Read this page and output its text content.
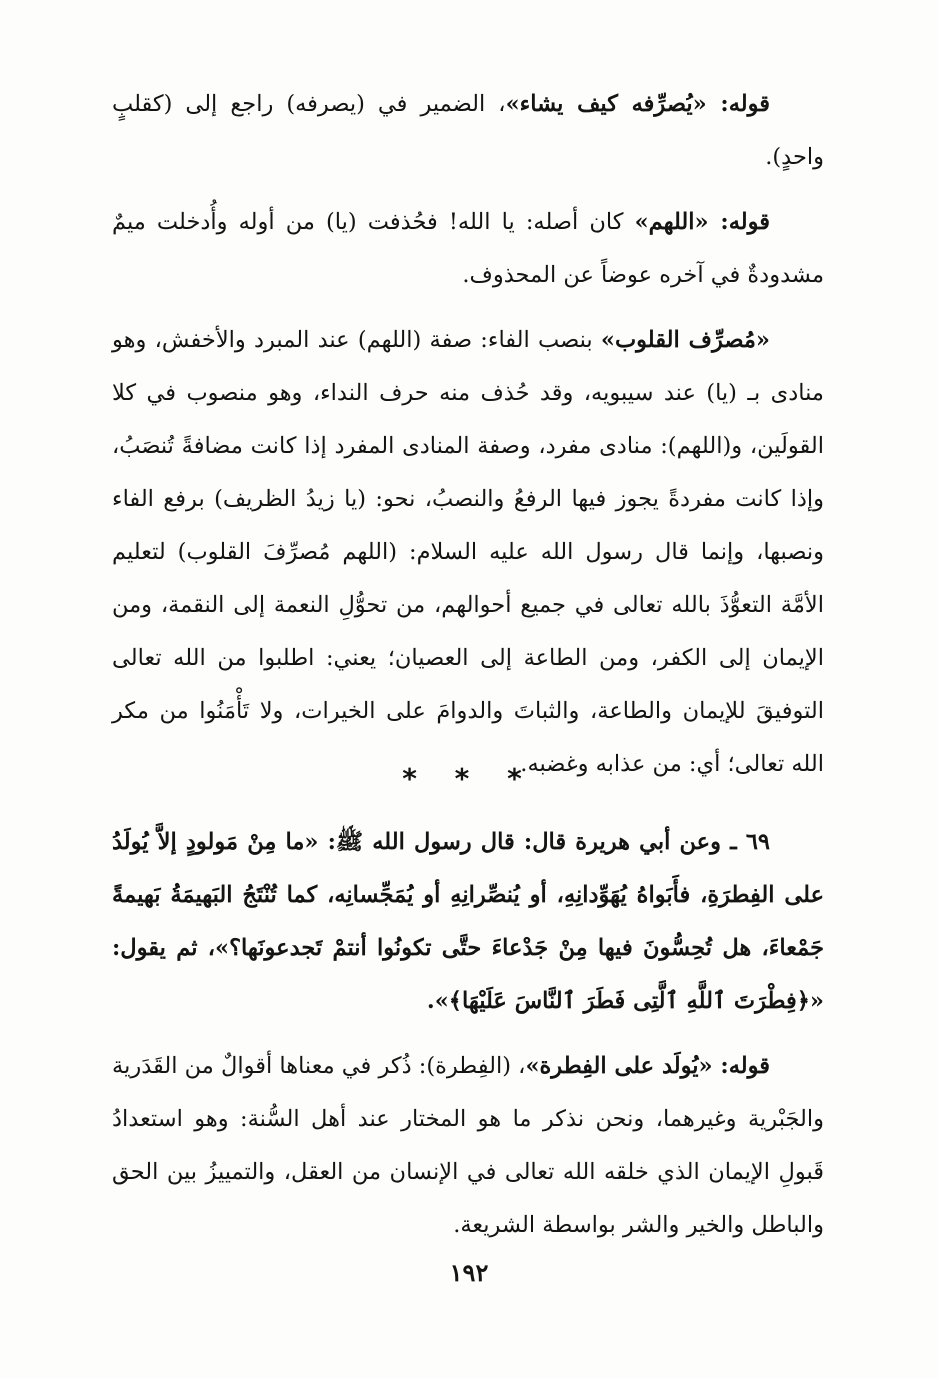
قوله: «يُصرِّفه كيف يشاء»، الضمير في (يصرفه) راجع إلى (كقلبٍ واحدٍ).

قوله: «اللهم» كان أصله: يا الله! فحُذفت (يا) من أوله وأُدخلت ميمٌ مشدودةٌ في آخره عوضاً عن المحذوف.

«مُصرِّف القلوب» بنصب الفاء: صفة (اللهم) عند المبرد والأخفش، وهو منادى بـ (يا) عند سيبويه، وقد حُذف منه حرف النداء، وهو منصوب في كلا القولَين، و(اللهم): منادى مفرد، وصفة المنادى المفرد إذا كانت مضافةً تُنصَبُ، وإذا كانت مفردةً يجوز فيها الرفعُ والنصبُ، نحو: (يا زيدُ الظريف) برفع الفاء ونصبها، وإنما قال رسول الله عليه السلام: (اللهم مُصرِّفَ القلوب) لتعليم الأمَّة التعوُّذَ بالله تعالى في جميع أحوالهم، من تحوُّلِ النعمة إلى النقمة، ومن الإيمان إلى الكفر، ومن الطاعة إلى العصيان؛ يعني: اطلبوا من الله تعالى التوفيقَ للإيمان والطاعة، والثباتَ والدوامَ على الخيرات، ولا تَأْمَنُوا من مكر الله تعالى؛ أي: من عذابه وغضبه.

* * *

٦٩ ـ وعن أبي هريرة قال: قال رسول الله ﷺ: «ما مِنْ مَولودٍ إلاَّ يُولَدُ على الفِطرَةِ، فأَبَواهُ يُهَوِّدانِهِ، أو يُنصِّرانِهِ أو يُمَجِّسانِه، كما تُنْتَجُ البَهيمَةُ بَهيمةً جَمْعاءَ، هل تُحِسُّونَ فيها مِنْ جَدْعاءَ حتَّى تكونُوا أنتمْ تَجدعونَها؟»، ثم يقول: «﴿فِطْرَتَ ٱللَّهِ ٱلَّتِى فَطَرَ ٱلنَّاسَ عَلَيْهَا﴾».

قوله: «يُولَد على الفِطرة»، (الفِطرة): ذُكر في معناها أقوالٌ من القَدَرية والجَبْرية وغيرهما، ونحن نذكر ما هو المختار عند أهل السُّنة: وهو استعدادُ قَبولِ الإيمان الذي خلقه الله تعالى في الإنسان من العقل، والتمييزُ بين الحق والباطل والخير والشر بواسطة الشريعة.

١٩٢
